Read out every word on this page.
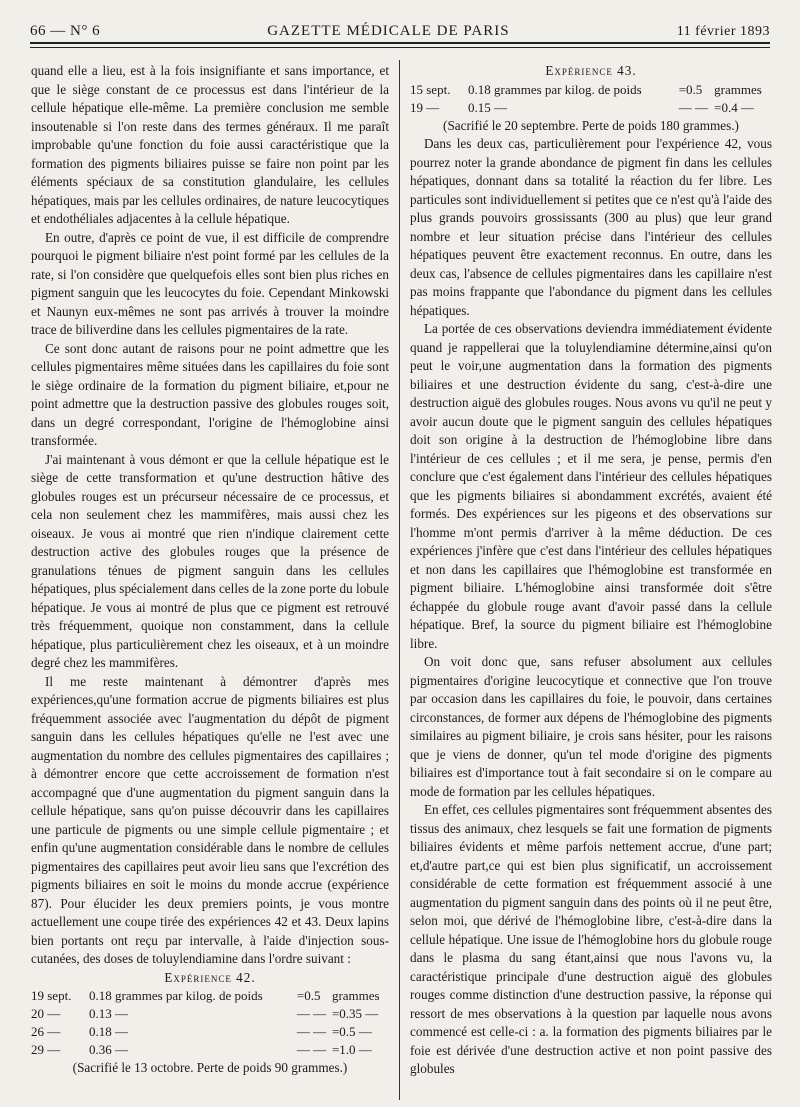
66 — N° 6	GAZETTE MÉDICALE DE PARIS	11 février 1893

quand elle a lieu, est à la fois insignifiante et sans importance, et que le siège constant de ce processus est dans l'intérieur de la cellule hépatique elle-même. La première conclusion me semble insoutenable si l'on reste dans des termes généraux. Il me paraît improbable qu'une fonction du foie aussi caractéristique que la formation des pigments biliaires puisse se faire non point par les éléments spéciaux de sa constitution glandulaire, les cellules hépatiques, mais par les cellules ordinaires, de nature leucocytiques et endothéliales adjacentes à la cellule hépatique.

En outre, d'après ce point de vue, il est difficile de comprendre pourquoi le pigment biliaire n'est point formé par les cellules de la rate, si l'on considère que quelquefois elles sont bien plus riches en pigment sanguin que les leucocytes du foie. Cependant Minkowski et Naunyn eux-mêmes ne sont pas arrivés à trouver la moindre trace de biliverdine dans les cellules pigmentaires de la rate.

Ce sont donc autant de raisons pour ne point admettre que les cellules pigmentaires même situées dans les capillaires du foie sont le siège ordinaire de la formation du pigment biliaire, et,pour ne point admettre que la destruction passive des globules rouges soit, dans un degré correspondant, l'origine de l'hémoglobine ainsi transformée.

J'ai maintenant à vous démont er que la cellule hépatique est le siège de cette transformation et qu'une destruction hâtive des globules rouges est un précurseur nécessaire de ce processus, et cela non seulement chez les mammifères, mais aussi chez les oiseaux. Je vous ai montré que rien n'indique clairement cette destruction active des globules rouges que la présence de granulations ténues de pigment sanguin dans les cellules hépatiques, plus spécialement dans celles de la zone porte du lobule hépatique. Je vous ai montré de plus que ce pigment est retrouvé très fréquemment, quoique non constamment, dans la cellule hépatique, plus particulièrement chez les oiseaux, et à un moindre degré chez les mammifères.

Il me reste maintenant à démontrer d'après mes expériences,qu'une formation accrue de pigments biliaires est plus fréquemment associée avec l'augmentation du dépôt de pigment sanguin dans les cellules hépatiques qu'elle ne l'est avec une augmentation du nombre des cellules pigmentaires des capillaires ; à démontrer encore que cette accroissement de formation n'est accompagné que d'une augmentation du pigment sanguin dans la cellule hépatique, sans qu'on puisse découvrir dans les capillaires une particule de pigments ou une simple cellule pigmentaire ; et enfin qu'une augmentation considérable dans le nombre de cellules pigmentaires des capillaires peut avoir lieu sans que l'excrétion des pigments biliaires en soit le moins du monde accrue (expérience 87). Pour élucider les deux premiers points, je vous montre actuellement une coupe tirée des expériences 42 et 43. Deux lapins bien portants ont reçu par intervalle, à l'aide d'injection sous-cutanées, des doses de toluylendiamine dans l'ordre suivant :

Expérience 42.

19 sept.	0.18 grammes par kilog. de poids	=0.5	grammes
20 —	0.13 —	— —	=0.35 —
26 —	0.18 —	— —	=0.5 —
29 —	0.36 —	— —	=1.0 —

(Sacrifié le 13 octobre. Perte de poids 90 grammes.)

Expérience 43.

15 sept.	0.18 grammes par kilog. de poids	=0.5	grammes
19 —	0.15 —	— —	=0.4 —

(Sacrifié le 20 septembre. Perte de poids 180 grammes.)

Dans les deux cas, particulièrement pour l'expérience 42, vous pourrez noter la grande abondance de pigment fin dans les cellules hépatiques, donnant dans sa totalité la réaction du fer libre. Les particules sont individuellement si petites que ce n'est qu'à l'aide des plus grands pouvoirs grossissants (300 au plus) que leur grand nombre et leur situation précise dans l'intérieur des cellules hépatiques peuvent être exactement reconnus. En outre, dans les deux cas, l'absence de cellules pigmentaires dans les capillaire n'est pas moins frappante que l'abondance du pigment dans les cellules hépatiques.

La portée de ces observations deviendra immédiatement évidente quand je rappellerai que la toluylendiamine détermine,ainsi qu'on peut le voir,une augmentation dans la formation des pigments biliaires et une destruction évidente du sang, c'est-à-dire une destruction aiguë des globules rouges. Nous avons vu qu'il ne peut y avoir aucun doute que le pigment sanguin des cellules hépatiques doit son origine à la destruction de l'hémoglobine libre dans l'intérieur de ces cellules ; et il me sera, je pense, permis d'en conclure que c'est également dans l'intérieur des cellules hépatiques que les pigments biliaires si abondamment excrétés, avaient été formés. Des expériences sur les pigeons et des observations sur l'homme m'ont permis d'arriver à la même déduction. De ces expériences j'infère que c'est dans l'intérieur des cellules hépatiques et non dans les capillaires que l'hémoglobine est transformée en pigment biliaire. L'hémoglobine ainsi transformée doit s'être échappée du globule rouge avant d'avoir passé dans la cellule hépatique. Bref, la source du pigment biliaire est l'hémoglobine libre.

On voit donc que, sans refuser absolument aux cellules pigmentaires d'origine leucocytique et connective que l'on trouve par occasion dans les capillaires du foie, le pouvoir, dans certaines circonstances, de former aux dépens de l'hémoglobine des pigments similaires au pigment biliaire, je crois sans hésiter, pour les raisons que je viens de donner, qu'un tel mode d'origine des pigments biliaires est d'importance tout à fait secondaire si on le compare au mode de formation par les cellules hépatiques.

En effet, ces cellules pigmentaires sont fréquemment absentes des tissus des animaux, chez lesquels se fait une formation de pigments biliaires évidents et même parfois nettement accrue, d'une part; et,d'autre part,ce qui est bien plus significatif, un accroissement considérable de cette formation est fréquemment associé à une augmentation du pigment sanguin dans des points où il ne peut être, selon moi, que dérivé de l'hémoglobine libre, c'est-à-dire dans la cellule hépatique. Une issue de l'hémoglobine hors du globule rouge dans le plasma du sang étant,ainsi que nous l'avons vu, la caractéristique principale d'une destruction aiguë des globules rouges comme distinction d'une destruction passive, la réponse qui ressort de mes observations à la question par laquelle nous avons commencé est celle-ci : a. la formation des pigments biliaires par le foie est dérivée d'une destruction active et non point passive des globules
